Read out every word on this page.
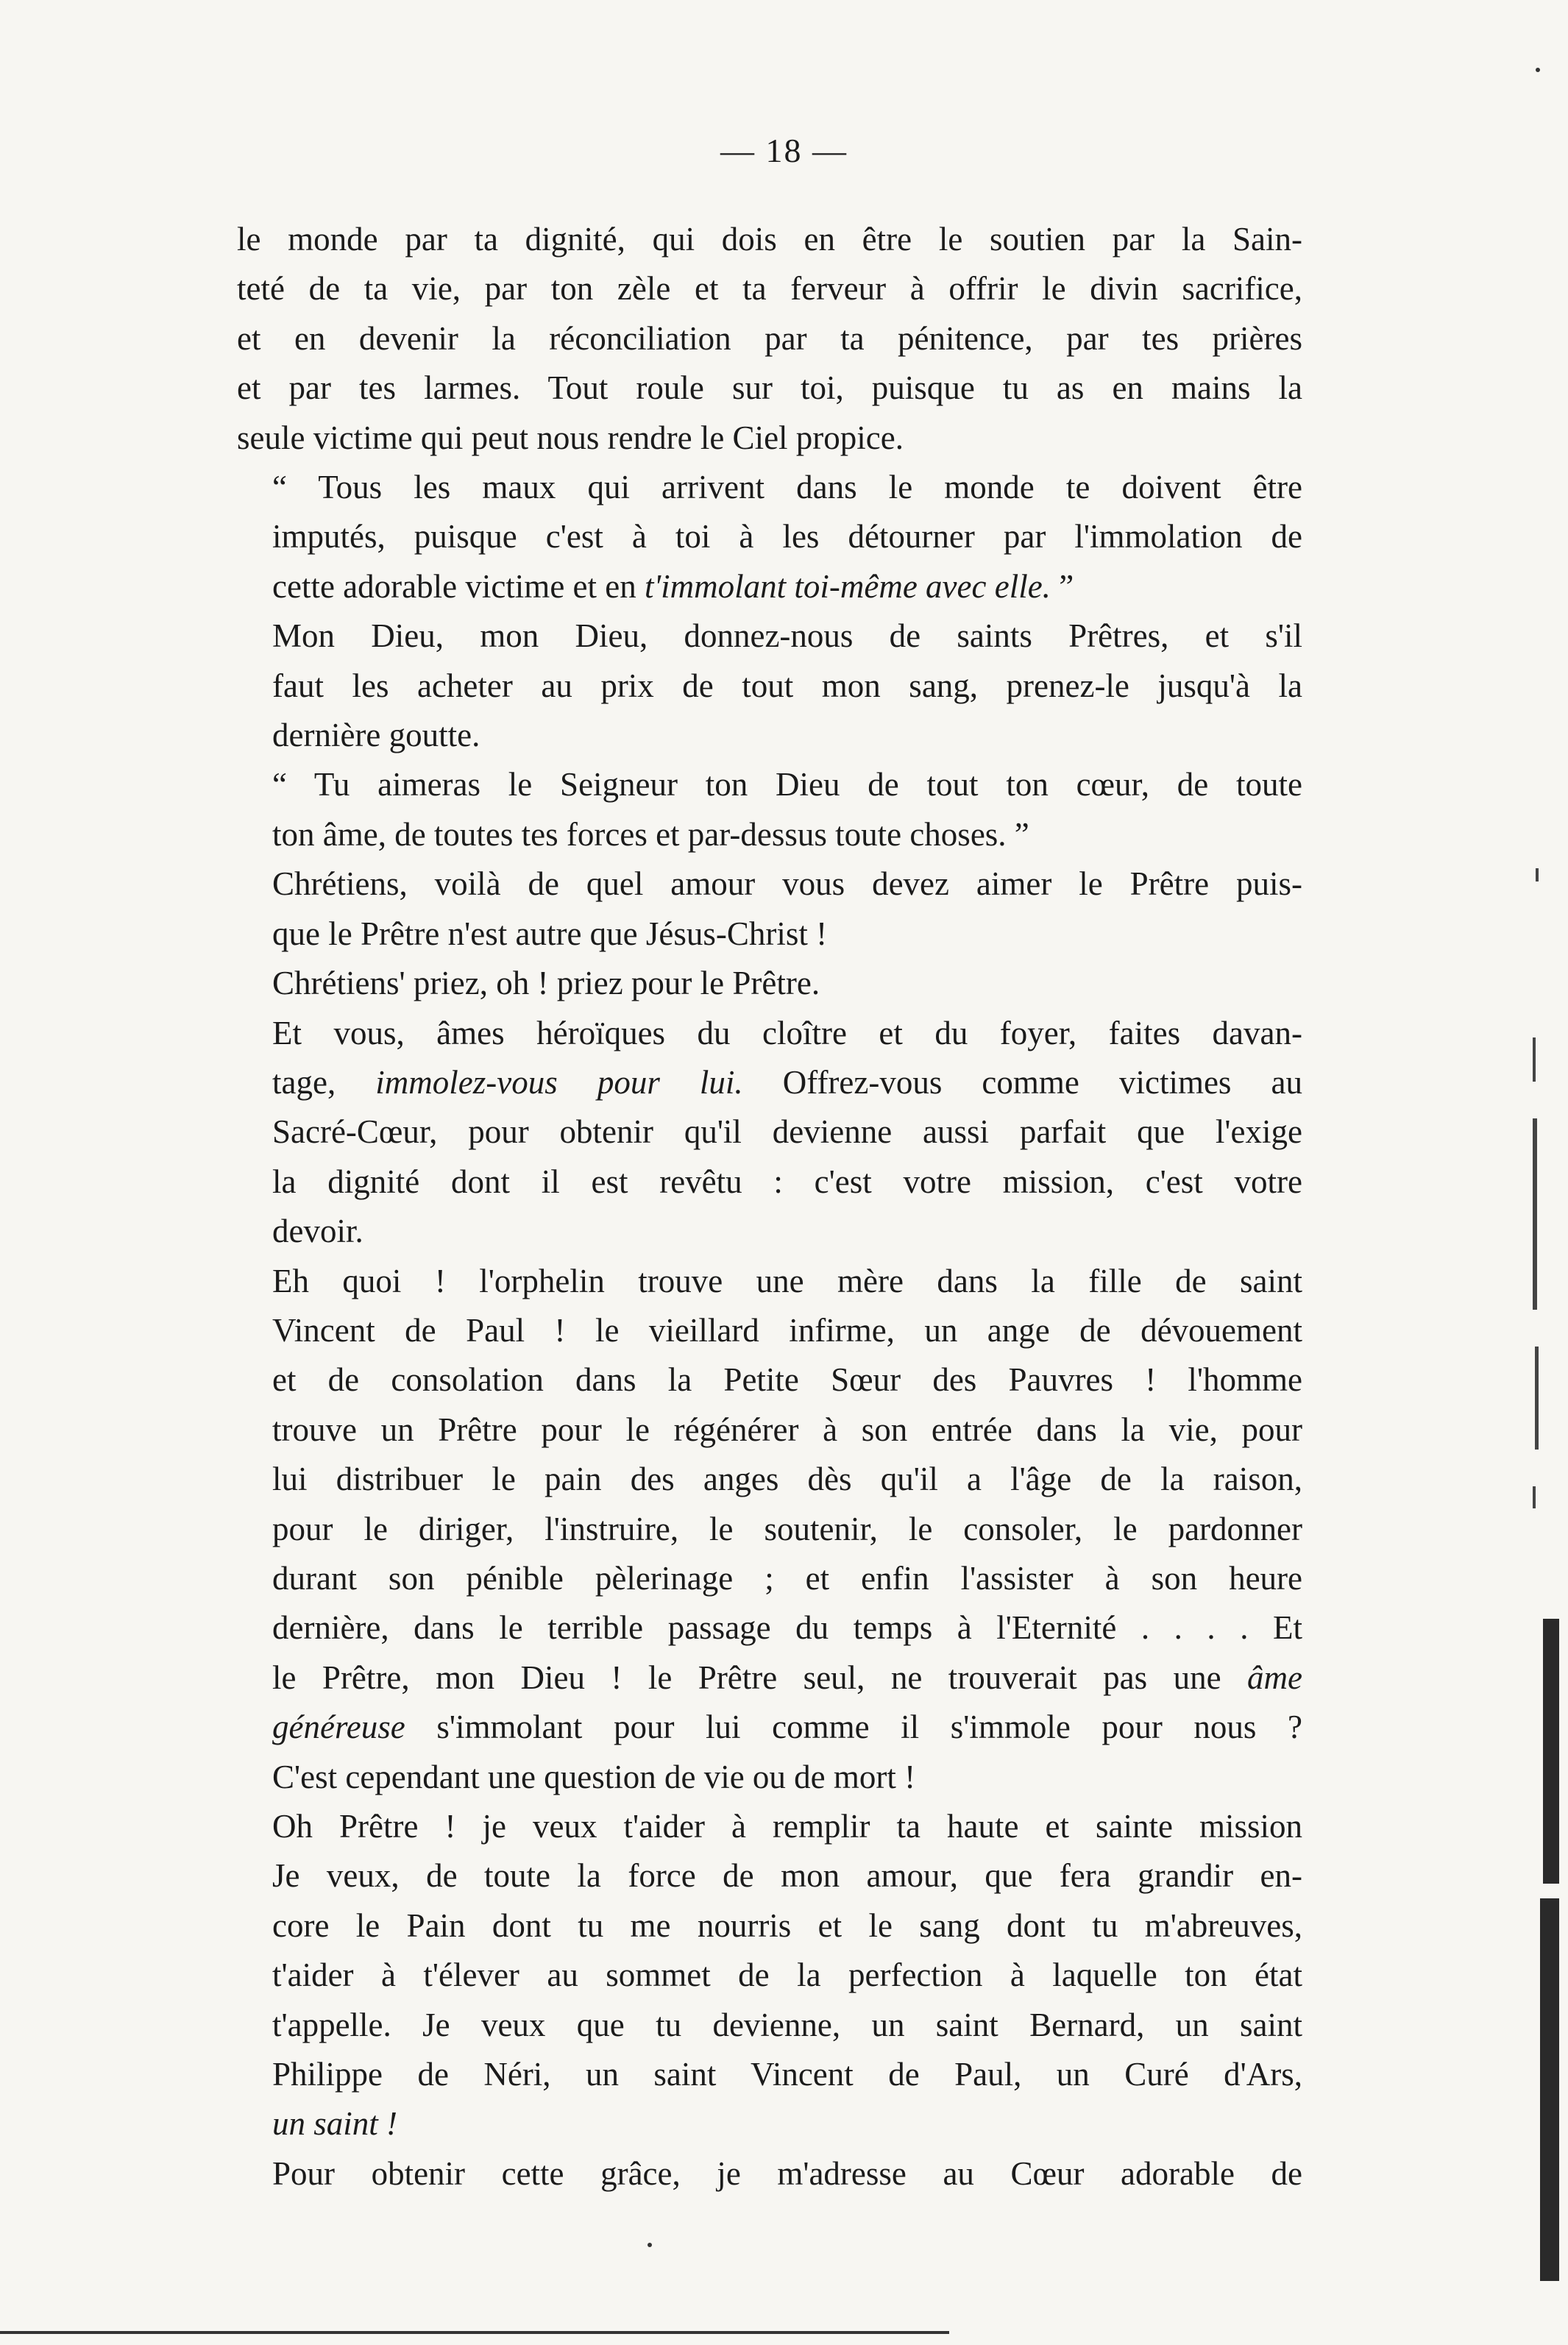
— 18 —

le monde par ta dignité, qui dois en être le soutien par la Sain-
teté de ta vie, par ton zèle et ta ferveur à offrir le divin sacrifice,
et en devenir la réconciliation par ta pénitence, par tes prières
et par tes larmes. Tout roule sur toi, puisque tu as en mains la
seule victime qui peut nous rendre le Ciel propice.

“ Tous les maux qui arrivent dans le monde te doivent être
imputés, puisque c'est à toi à les détourner par l'immolation de
cette adorable victime et en t'immolant toi-même avec elle. ”

Mon Dieu, mon Dieu, donnez-nous de saints Prêtres, et s'il
faut les acheter au prix de tout mon sang, prenez-le jusqu'à la
dernière goutte.

“ Tu aimeras le Seigneur ton Dieu de tout ton cœur, de toute
ton âme, de toutes tes forces et par-dessus toute choses. ”

Chrétiens, voilà de quel amour vous devez aimer le Prêtre puis-
que le Prêtre n'est autre que Jésus-Christ !

Chrétiens' priez, oh ! priez pour le Prêtre.

Et vous, âmes héroïques du cloître et du foyer, faites davan-
tage, immolez-vous pour lui. Offrez-vous comme victimes au
Sacré-Cœur, pour obtenir qu'il devienne aussi parfait que l'exige
la dignité dont il est revêtu : c'est votre mission, c'est votre
devoir.

Eh quoi ! l'orphelin trouve une mère dans la fille de saint
Vincent de Paul ! le vieillard infirme, un ange de dévouement
et de consolation dans la Petite Sœur des Pauvres ! l'homme
trouve un Prêtre pour le régénérer à son entrée dans la vie, pour
lui distribuer le pain des anges dès qu'il a l'âge de la raison,
pour le diriger, l'instruire, le soutenir, le consoler, le pardonner
durant son pénible pèlerinage ; et enfin l'assister à son heure
dernière, dans le terrible passage du temps à l'Eternité . . . . Et
le Prêtre, mon Dieu ! le Prêtre seul, ne trouverait pas une âme
généreuse s'immolant pour lui comme il s'immole pour nous ?
C'est cependant une question de vie ou de mort !

Oh Prêtre ! je veux t'aider à remplir ta haute et sainte mission
Je veux, de toute la force de mon amour, que fera grandir en-
core le Pain dont tu me nourris et le sang dont tu m'abreuves,
t'aider à t'élever au sommet de la perfection à laquelle ton état
t'appelle. Je veux que tu devienne, un saint Bernard, un saint
Philippe de Néri, un saint Vincent de Paul, un Curé d'Ars,
un saint !

Pour obtenir cette grâce, je m'adresse au Cœur adorable de
